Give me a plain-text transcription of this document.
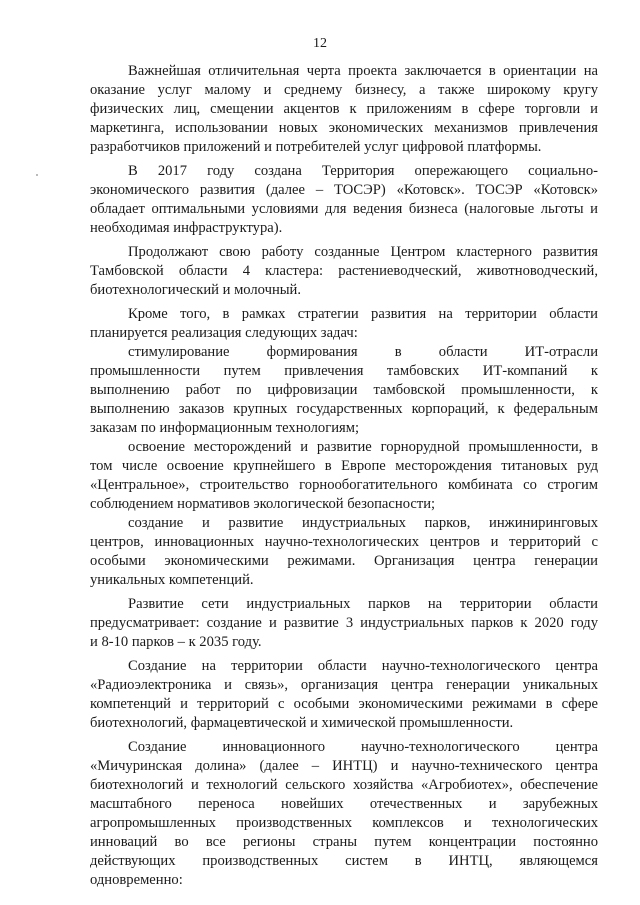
12
Важнейшая отличительная черта проекта заключается в ориентации на
оказание услуг малому и среднему бизнесу, а также широкому кругу
физических лиц, смещении акцентов к приложениям в сфере торговли и
маркетинга, использовании новых экономических механизмов привлечения
разработчиков приложений и потребителей услуг цифровой платформы.
В 2017 году создана Территория опережающего социально-
экономического развития (далее – ТОСЭР) «Котовск». ТОСЭР «Котовск»
обладает оптимальными условиями для ведения бизнеса (налоговые льготы и
необходимая инфраструктура).
Продолжают свою работу созданные Центром кластерного развития
Тамбовской области 4 кластера: растениеводческий, животноводческий,
биотехнологический и молочный.
Кроме того, в рамках стратегии развития на территории области
планируется реализация следующих задач:
стимулирование формирования в области ИТ-отрасли
промышленности путем привлечения тамбовских ИТ-компаний к
выполнению работ по цифровизации тамбовской промышленности, к
выполнению заказов крупных государственных корпораций, к федеральным
заказам по информационным технологиям;
освоение месторождений и развитие горнорудной промышленности, в
том числе освоение крупнейшего в Европе месторождения титановых руд
«Центральное», строительство горнообогатительного комбината со строгим
соблюдением нормативов экологической безопасности;
создание и развитие индустриальных парков, инжиниринговых
центров, инновационных научно-технологических центров и территорий с
особыми экономическими режимами. Организация центра генерации
уникальных компетенций.
Развитие сети индустриальных парков на территории области
предусматривает: создание и развитие 3 индустриальных парков к 2020 году
и 8-10 парков – к 2035 году.
Создание на территории области научно-технологического центра
«Радиоэлектроника и связь», организация центра генерации уникальных
компетенций и территорий с особыми экономическими режимами в сфере
биотехнологий, фармацевтической и химической промышленности.
Создание инновационного научно-технологического центра
«Мичуринская долина» (далее – ИНТЦ) и научно-технического центра
биотехнологий и технологий сельского хозяйства «Агробиотех», обеспечение
масштабного переноса новейших отечественных и зарубежных
агропромышленных производственных комплексов и технологических
инноваций во все регионы страны путем концентрации постоянно
действующих производственных систем в ИНТЦ, являющемся
одновременно:
